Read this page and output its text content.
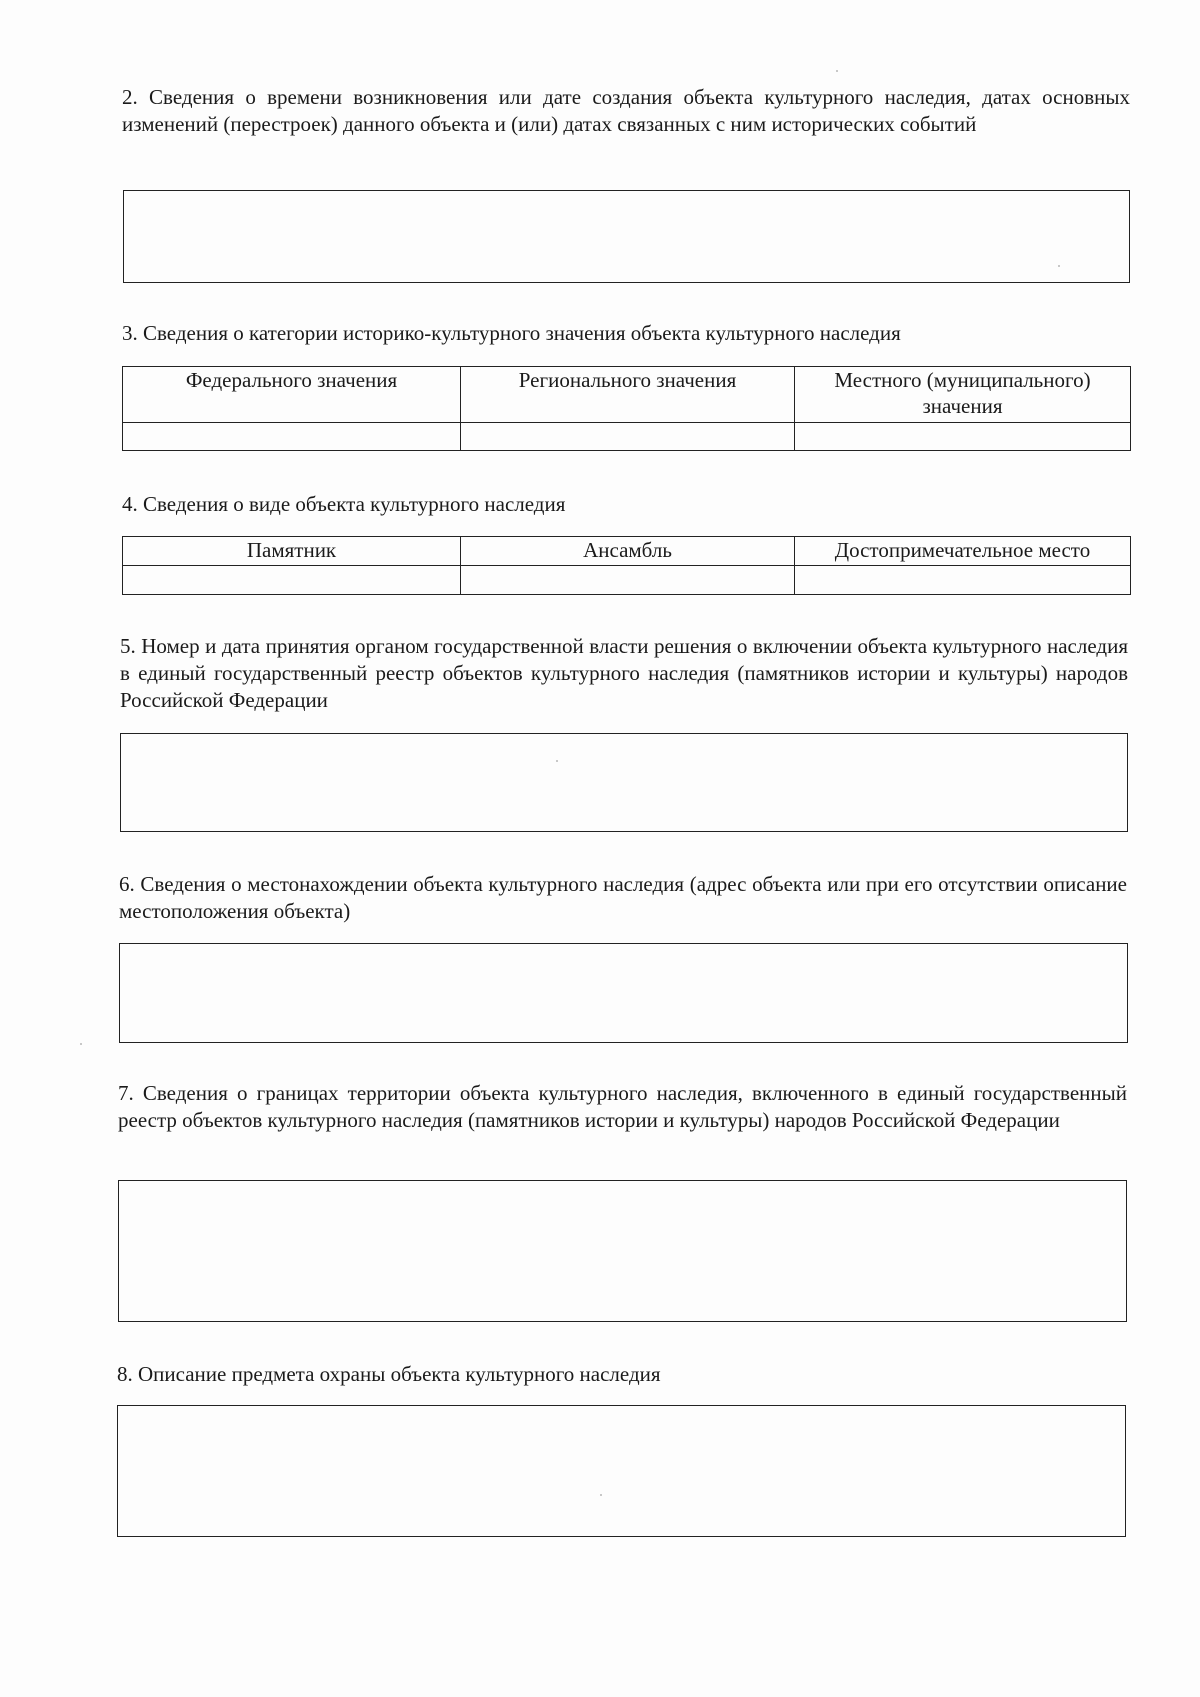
2. Сведения о времени возникновения или дате создания объекта культурного наследия, датах основных изменений (перестроек) данного объекта и (или) датах связанных с ним исторических событий

3. Сведения о категории историко-культурного значения объекта культурного наследия

Федерального значения	Регионального значения	Местного (муниципального) значения

4. Сведения о виде объекта культурного наследия

Памятник	Ансамбль	Достопримечательное место

5. Номер и дата принятия органом государственной власти решения о включении объекта культурного наследия в единый государственный реестр объектов культурного наследия (памятников истории и культуры) народов Российской Федерации

6. Сведения о местонахождении объекта культурного наследия (адрес объекта или при его отсутствии описание местоположения объекта)

7. Сведения о границах территории объекта культурного наследия, включенного в единый государственный реестр объектов культурного наследия (памятников истории и культуры) народов Российской Федерации

8. Описание предмета охраны объекта культурного наследия
